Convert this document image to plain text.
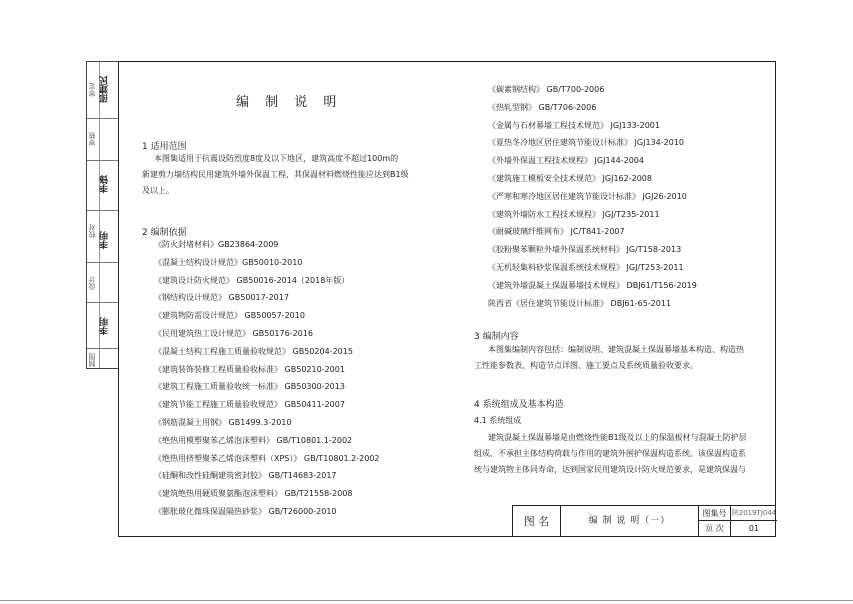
审定 邵建民
审核
李锋
校对 李明
设计
李明
制图
编 制 说 明
1 适用范围
本图集适用于抗震设防烈度8度及以下地区，建筑高度不超过100m的
新建剪力墙结构民用建筑外墙外保温工程，其保温材料燃烧性能应达到B1级
及以上。
2 编制依据
《防火封堵材料》GB23864-2009
《混凝土结构设计规范》GB50010-2010
《建筑设计防火规范》 GB50016-2014（2018年版）
《钢结构设计规范》 GB50017-2017
《建筑物防雷设计规范》 GB50057-2010
《民用建筑热工设计规范》 GB50176-2016
《混凝土结构工程施工质量验收规范》 GB50204-2015
《建筑装饰装修工程质量验收标准》 GB50210-2001
《建筑工程施工质量验收统一标准》 GB50300-2013
《建筑节能工程施工质量验收规范》 GB50411-2007
《钢筋混凝土用钢》 GB1499.3-2010
《绝热用模塑聚苯乙烯泡沫塑料》 GB/T10801.1-2002
《绝热用挤塑聚苯乙烯泡沫塑料（XPS）》 GB/T10801.2-2002
《硅酮和改性硅酮建筑密封胶》 GB/T14683-2017
《建筑绝热用硬质聚氨酯泡沫塑料》 GB/T21558-2008
《膨胀玻化微珠保温隔热砂浆》 GB/T26000-2010
《碳素钢结构》 GB/T700-2006
《热轧型钢》 GB/T706-2006
《金属与石材幕墙工程技术规范》 JGJ133-2001
《夏热冬冷地区居住建筑节能设计标准》 JGJ134-2010
《外墙外保温工程技术规程》 JGJ144-2004
《建筑施工模板安全技术规范》 JGJ162-2008
《严寒和寒冷地区居住建筑节能设计标准》 JGJ26-2010
《建筑外墙防水工程技术规程》 JGJ/T235-2011
《耐碱玻璃纤维网布》 JC/T841-2007
《胶粉聚苯颗粒外墙外保温系统材料》 JG/T158-2013
《无机轻集料砂浆保温系统技术规程》 JGJ/T253-2011
《建筑外墙混凝土保温幕墙技术规程》 DBJ61/T156-2019
陕西省《居住建筑节能设计标准》 DBJ61-65-2011
3 编制内容
本图集编制内容包括：编制说明、建筑混凝土保温幕墙基本构造、构造热
工性能参数表、构造节点详图、施工要点及系统质量验收要求。
4 系统组成及基本构造
4.1 系统组成
建筑混凝土保温幕墙是由燃烧性能B1级及以上的保温板材与混凝土防护层
组成，不承担主体结构荷载与作用的建筑外围护保温构造系统。该保温构造系
统与建筑物主体同寿命，达到国家民用建筑设计防火规范要求，是建筑保温与
图 名	编 制 说 明（一）
图集号 陕2019TJ044
页 次	01
